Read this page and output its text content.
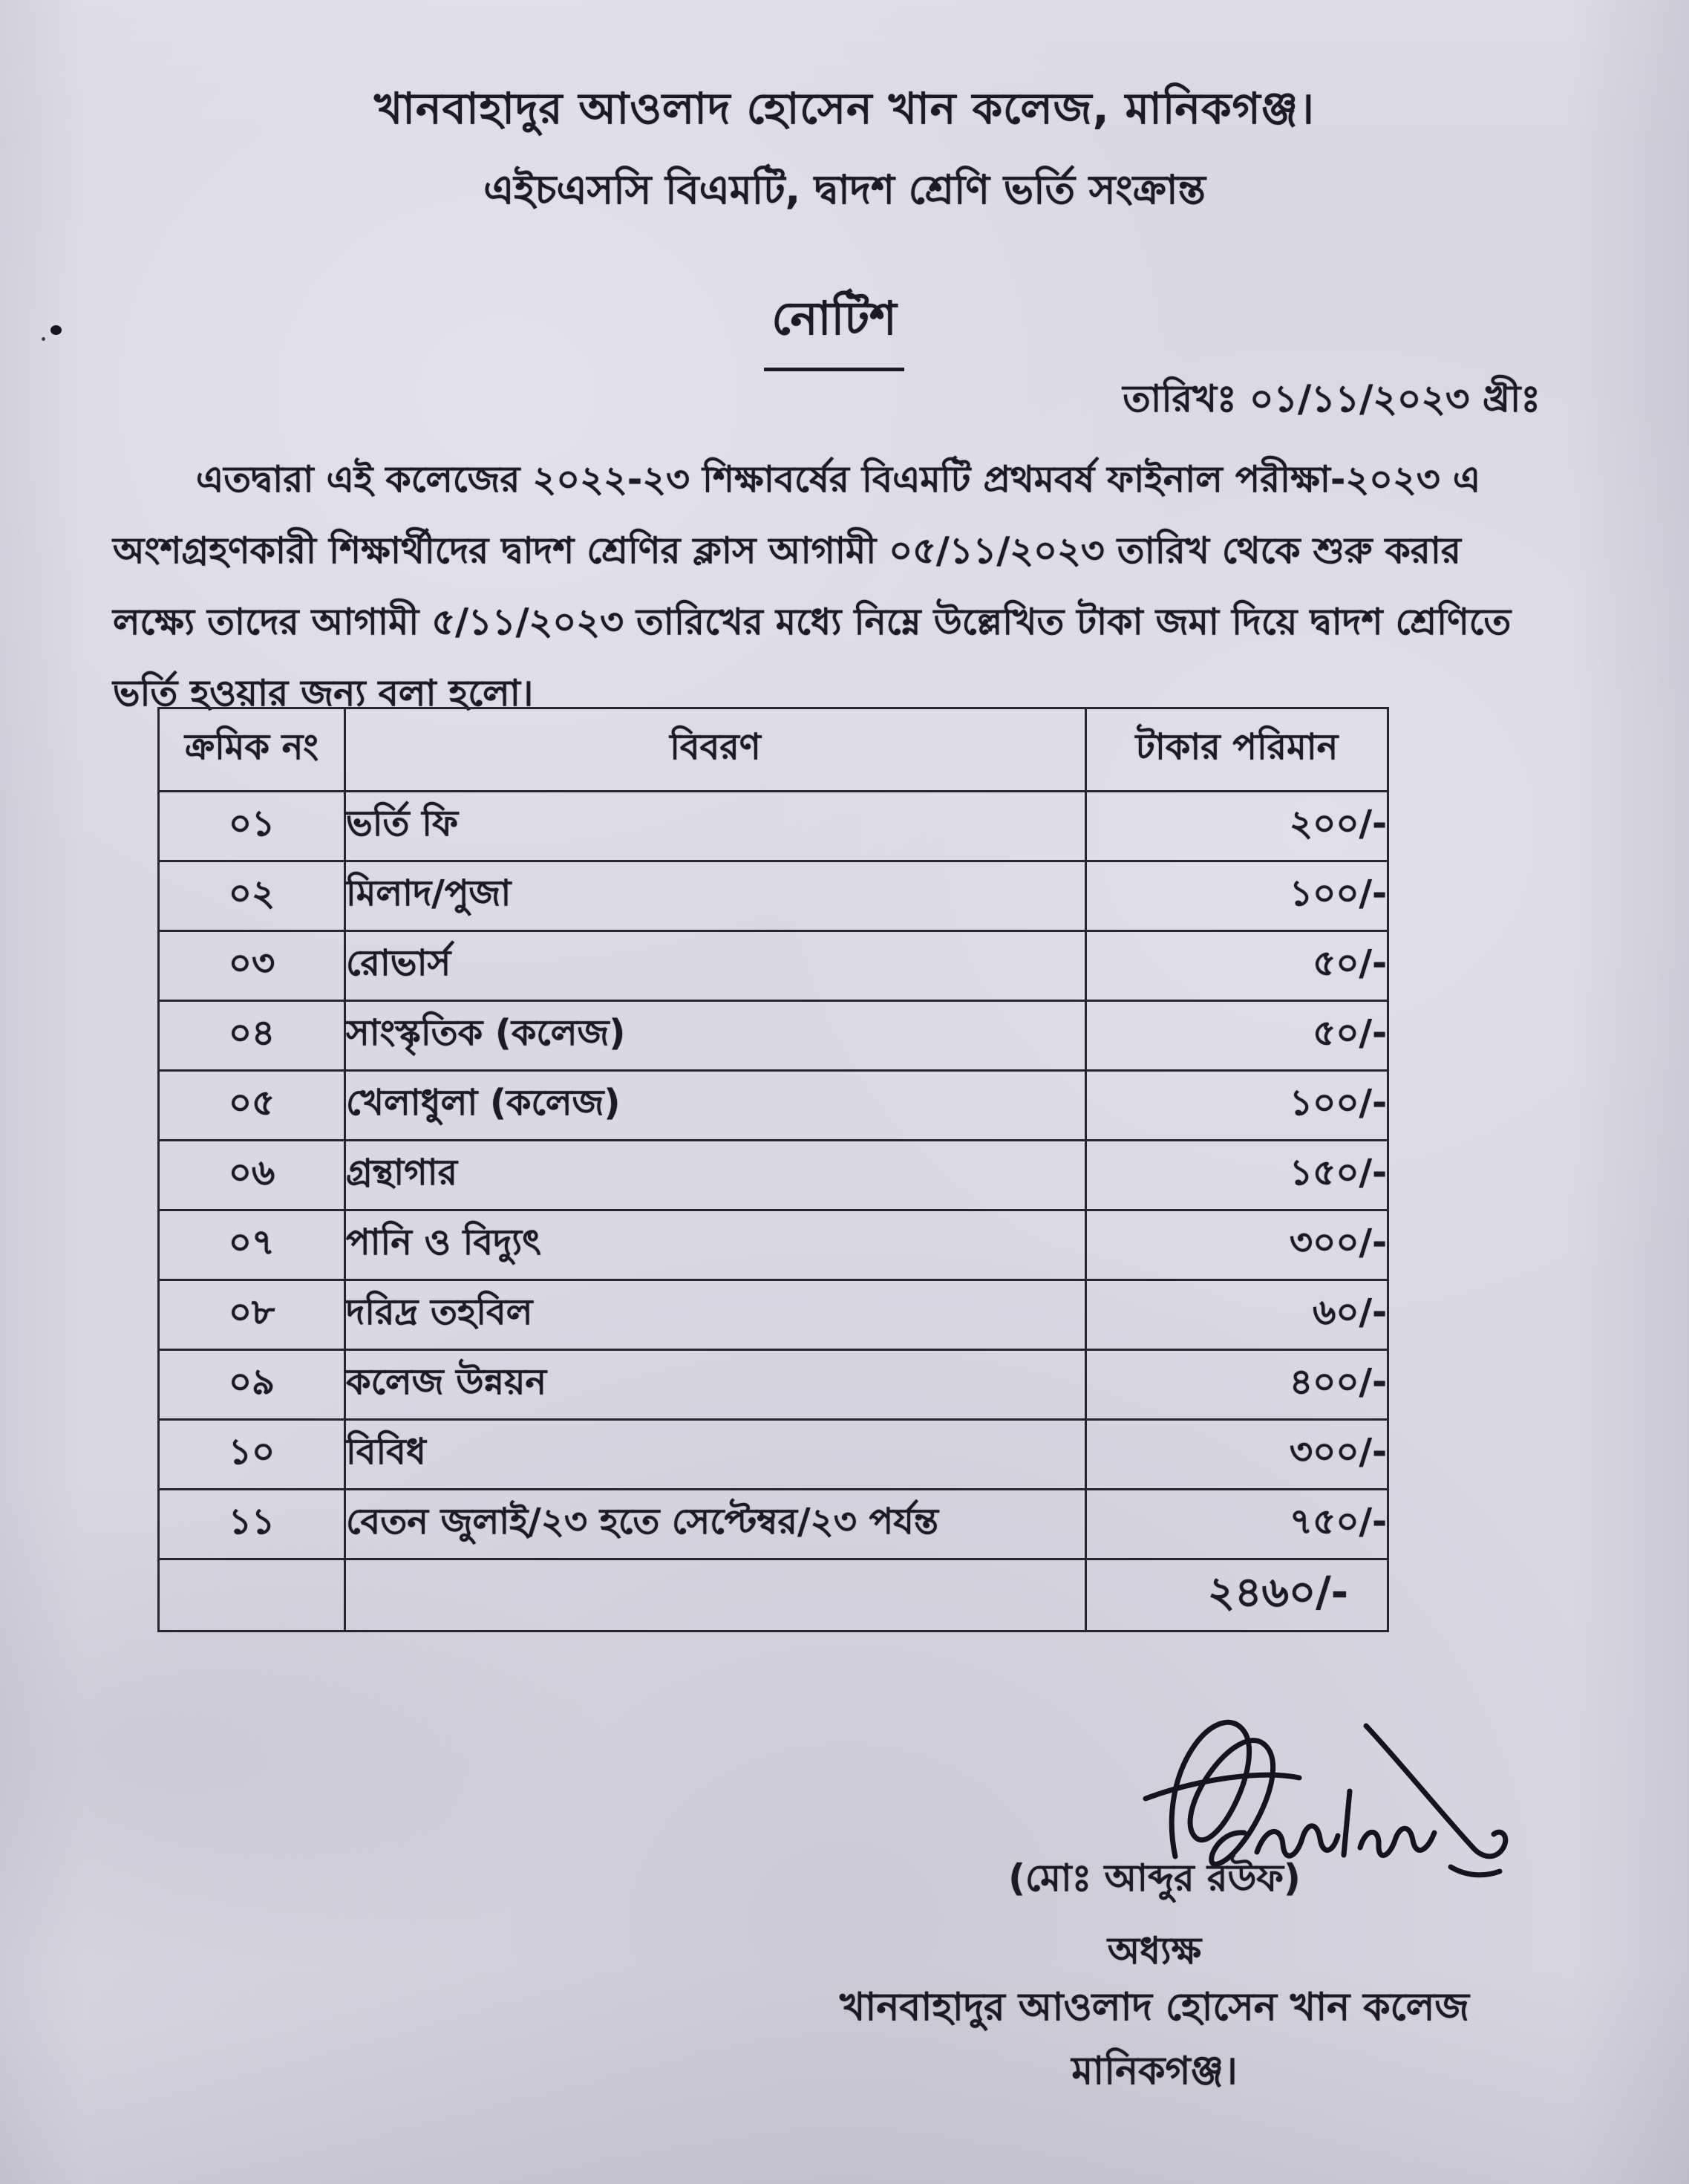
খানবাহাদুর আওলাদ হোসেন খান কলেজ, মানিকগঞ্জ।
এইচএসসি বিএমটি, দ্বাদশ শ্রেণি ভর্তি সংক্রান্ত
নোটিশ
তারিখঃ ০১/১১/২০২৩ খ্রীঃ
এতদ্বারা এই কলেজের ২০২২-২৩ শিক্ষাবর্ষের বিএমটি প্রথমবর্ষ ফাইনাল পরীক্ষা-২০২৩ এ
অংশগ্রহণকারী শিক্ষার্থীদের দ্বাদশ শ্রেণির ক্লাস আগামী ০৫/১১/২০২৩ তারিখ থেকে শুরু করার
লক্ষ্যে তাদের আগামী ৫/১১/২০২৩ তারিখের মধ্যে নিম্নে উল্লেখিত টাকা জমা দিয়ে দ্বাদশ শ্রেণিতে
ভর্তি হওয়ার জন্য বলা হলো।
ক্রমিক নং	বিবরণ	টাকার পরিমান
০১	ভর্তি ফি	২০০/-
০২	মিলাদ/পুজা	১০০/-
০৩	রোভার্স	৫০/-
০৪	সাংস্কৃতিক (কলেজ)	৫০/-
০৫	খেলাধুলা (কলেজ)	১০০/-
০৬	গ্রন্থাগার	১৫০/-
০৭	পানি ও বিদ্যুৎ	৩০০/-
০৮	দরিদ্র তহবিল	৬০/-
০৯	কলেজ উন্নয়ন	৪০০/-
১০	বিবিধ	৩০০/-
১১	বেতন জুলাই/২৩ হতে সেপ্টেম্বর/২৩ পর্যন্ত	৭৫০/-
		২৪৬০/-
(মোঃ আব্দুর রউফ)
অধ্যক্ষ
খানবাহাদুর আওলাদ হোসেন খান কলেজ
মানিকগঞ্জ।
